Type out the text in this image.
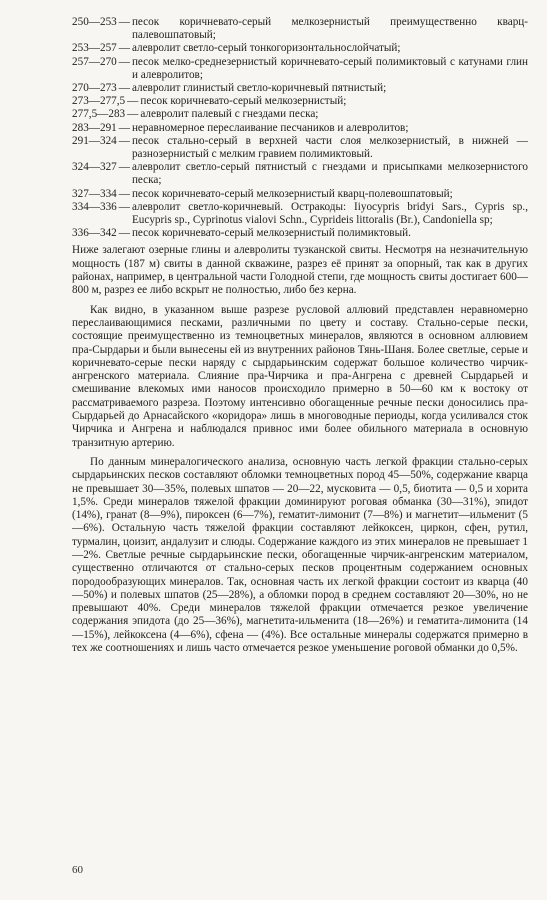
250—253 — песок коричневато-серый мелкозернистый преимущественно кварц-палевошпатовый;
253—257 — алевролит светло-серый тонкогоризонтальнослойчатый;
257—270 — песок мелко-среднезернистый коричневато-серый полимиктовый с катунами глин и алевролитов;
270—273 — алевролит глинистый светло-коричневый пятнистый;
273—277,5 — песок коричневато-серый мелкозернистый;
277,5—283 — алевролит палевый с гнездами песка;
283—291 — неравномерное переслаивание песчаников и алевролитов;
291—324 — песок стально-серый в верхней части слоя мелкозернистый, в нижней — разнозернистый с мелким гравием полимиктовый.
324—327 — алевролит светло-серый пятнистый с гнездами и присыпками мелкозернистого песка;
327—334 — песок коричневато-серый мелкозернистый кварц-полевошпатовый;
334—336 — алевролит светло-коричневый. Остракоды: Iiyocypris bridyi Sars., Cypris sp., Eucypris sp., Cyprinotus vialovi Schn., Cyprideis littoralis (Br.), Candoniella sp;
336—342 — песок коричневато-серый мелкозернистый полимиктовый.

Ниже залегают озерные глины и алевролиты тузканской свиты. Несмотря на незначительную мощность (187 м) свиты в данной скважине, разрез её принят за опорный, так как в других районах, например, в центральной части Голодной степи, где мощность свиты достигает 600—800 м, разрез ее либо вскрыт не полностью, либо без керна.

Как видно, в указанном выше разрезе русловой аллювий представлен неравномерно переслаивающимися песками, различными по цвету и составу. Стально-серые пески, состоящие преимущественно из темноцветных минералов, являются в основном аллювием пра-Сырдарьи и были вынесены ей из внутренних районов Тянь-Шаня. Более светлые, серые и коричневато-серые пески наряду с сырдарьинским содержат большое количество чирчик-ангренского материала. Слияние пра-Чирчика и пра-Ангрена с древней Сырдарьей и смешивание влекомых ими наносов происходило примерно в 50—60 км к востоку от рассматриваемого разреза. Поэтому интенсивно обогащенные речные пески доносились пра-Сырдарьей до Арнасайского «коридора» лишь в многоводные периоды, когда усиливался сток Чирчика и Ангрена и наблюдался привнос ими более обильного материала в основную транзитную артерию.

По данным минералогического анализа, основную часть легкой фракции стально-серых сырдарьинских песков составляют обломки темноцветных пород 45—50%, содержание кварца не превышает 30—35%, полевых шпатов — 20—22, мусковита — 0,5, биотита — 0,5 и хорита 1,5%. Среди минералов тяжелой фракции доминируют роговая обманка (30—31%), эпидот (14%), гранат (8—9%), пироксен (6—7%), гематит-лимонит (7—8%) и магнетит—ильменит (5—6%). Остальную часть тяжелой фракции составляют лейкоксен, циркон, сфен, рутил, турмалин, цоизит, андалузит и слюды. Содержание каждого из этих минералов не превышает 1—2%. Светлые речные сырдарьинские пески, обогащенные чирчик-ангренским материалом, существенно отличаются от стально-серых песков процентным содержанием основных породообразующих минералов. Так, основная часть их легкой фракции состоит из кварца (40—50%) и полевых шпатов (25—28%), а обломки пород в среднем составляют 20—30%, но не превышают 40%. Среди минералов тяжелой фракции отмечается резкое увеличение содержания эпидота (до 25—36%), магнетита-ильменита (18—26%) и гематита-лимонита (14—15%), лейкоксена (4—6%), сфена — (4%). Все остальные минералы содержатся примерно в тех же соотношениях и лишь часто отмечается резкое уменьшение роговой обманки до 0,5%.

60
